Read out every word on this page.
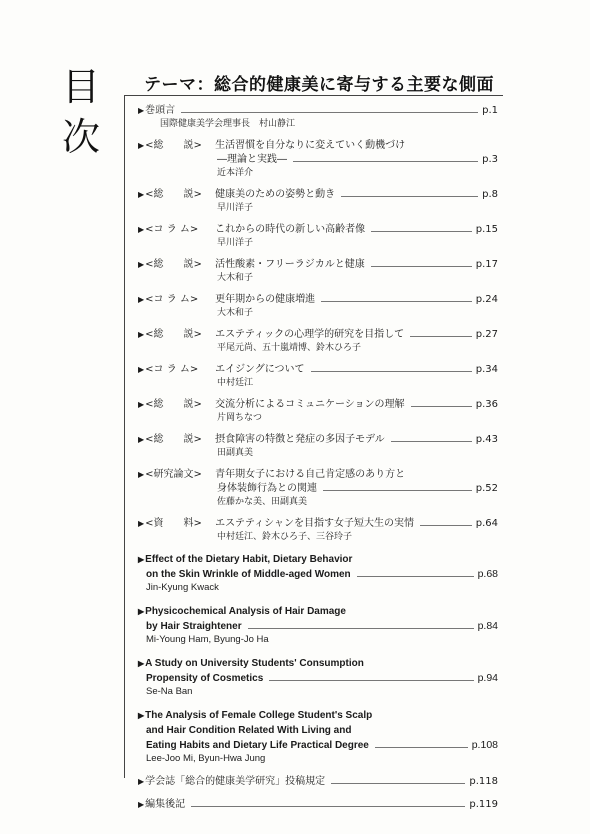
目
次
テーマ：総合的健康美に寄与する主要な側面
▶ 巻頭言	p.1
国際健康美学会理事長　村山静江
▶ <総　　説>	生活習慣を自分なりに変えていく動機づけ
―理論と実践―	p.3
近本洋介
▶ <総　　説>	健康美のための姿勢と動き	p.8
早川洋子
▶ <コ ラ ム>	これからの時代の新しい高齢者像	p.15
早川洋子
▶ <総　　説>	活性酸素・フリーラジカルと健康	p.17
大木和子
▶ <コ ラ ム>	更年期からの健康増進	p.24
大木和子
▶ <総　　説>	エステティックの心理学的研究を目指して	p.27
平尾元尚、五十嵐靖博、鈴木ひろ子
▶ <コ ラ ム>	エイジングについて	p.34
中村廷江
▶ <総　　説>	交流分析によるコミュニケーションの理解	p.36
片岡ちなつ
▶ <総　　説>	摂食障害の特徴と発症の多因子モデル	p.43
田副真美
▶ <研究論文>	青年期女子における自己肯定感のあり方と
身体装飾行為との関連	p.52
佐藤かな美、田副真美
▶ <資　　料>	エステティシャンを目指す女子短大生の実情	p.64
中村廷江、鈴木ひろ子、三谷玲子
▶ Effect of the Dietary Habit, Dietary Behavior
on the Skin Wrinkle of Middle-aged Women	p.68
Jin-Kyung Kwack
▶ Physicochemical Analysis of Hair Damage
by Hair Straightener	p.84
Mi-Young Ham, Byung-Jo Ha
▶ A Study on University Students' Consumption
Propensity of Cosmetics	p.94
Se-Na Ban
▶ The Analysis of Female College Student's Scalp
and Hair Condition Related With Living and
Eating Habits and Dietary Life Practical Degree	p.108
Lee-Joo Mi, Byun-Hwa Jung
▶ 学会誌「総合的健康美学研究」投稿規定	p.118
▶ 編集後記	p.119
